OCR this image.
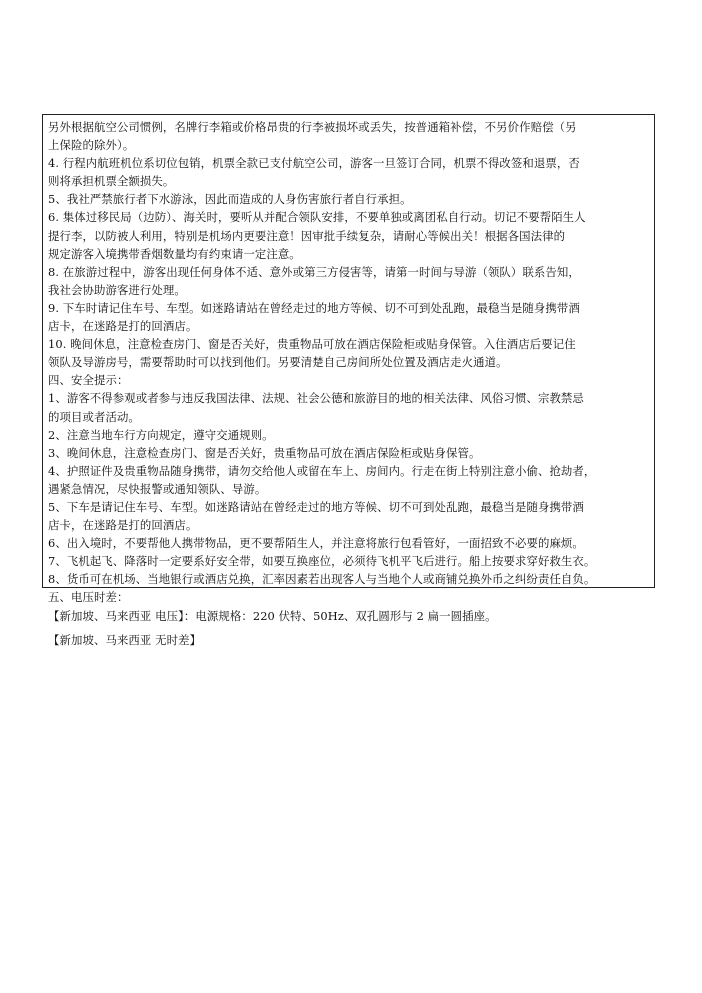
另外根据航空公司惯例，名牌行李箱或价格昂贵的行李被损坏或丢失，按普通箱补偿，不另价作赔偿（另

上保险的除外）。

4. 行程内航班机位系切位包销，机票全款已支付航空公司，游客一旦签订合同，机票不得改签和退票，否

则将承担机票全额损失。

5、我社严禁旅行者下水游泳，因此而造成的人身伤害旅行者自行承担。

6. 集体过移民局（边防）、海关时，要听从并配合领队安排，不要单独或离团私自行动。切记不要帮陌生人

提行李，以防被人利用，特别是机场内更要注意！因审批手续复杂，请耐心等候出关！根据各国法律的

规定游客入境携带香烟数量均有约束请一定注意。

8. 在旅游过程中，游客出现任何身体不适、意外或第三方侵害等，请第一时间与导游（领队）联系告知，

我社会协助游客进行处理。

9. 下车时请记住车号、车型。如迷路请站在曾经走过的地方等候、切不可到处乱跑，最稳当是随身携带酒

店卡，在迷路是打的回酒店。

10. 晚间休息，注意检查房门、窗是否关好，贵重物品可放在酒店保险柜或贴身保管。入住酒店后要记住

领队及导游房号，需要帮助时可以找到他们。另要清楚自己房间所处位置及酒店走火通道。

四、安全提示：

1、游客不得参观或者参与违反我国法律、法规、社会公德和旅游目的地的相关法律、风俗习惯、宗教禁忌

的项目或者活动。

2、注意当地车行方向规定，遵守交通规则。

3、晚间休息，注意检查房门、窗是否关好，贵重物品可放在酒店保险柜或贴身保管。

4、护照证件及贵重物品随身携带，请勿交给他人或留在车上、房间内。行走在街上特别注意小偷、抢劫者，

遇紧急情况，尽快报警或通知领队、导游。

5、下车是请记住车号、车型。如迷路请站在曾经走过的地方等候、切不可到处乱跑，最稳当是随身携带酒

店卡，在迷路是打的回酒店。

6、出入境时，不要帮他人携带物品，更不要帮陌生人，并注意将旅行包看管好，一面招致不必要的麻烦。

7、飞机起飞、降落时一定要系好安全带，如要互换座位，必须待飞机平飞后进行。船上按要求穿好救生衣。

8、货币可在机场、当地银行或酒店兑换，汇率因素若出现客人与当地个人或商铺兑换外币之纠纷责任自负。

五、电压时差：

【新加坡、马来西亚 电压】：电源规格：220 伏特、50Hz、双孔圆形与 2 扁一圆插座。

【新加坡、马来西亚 无时差】
